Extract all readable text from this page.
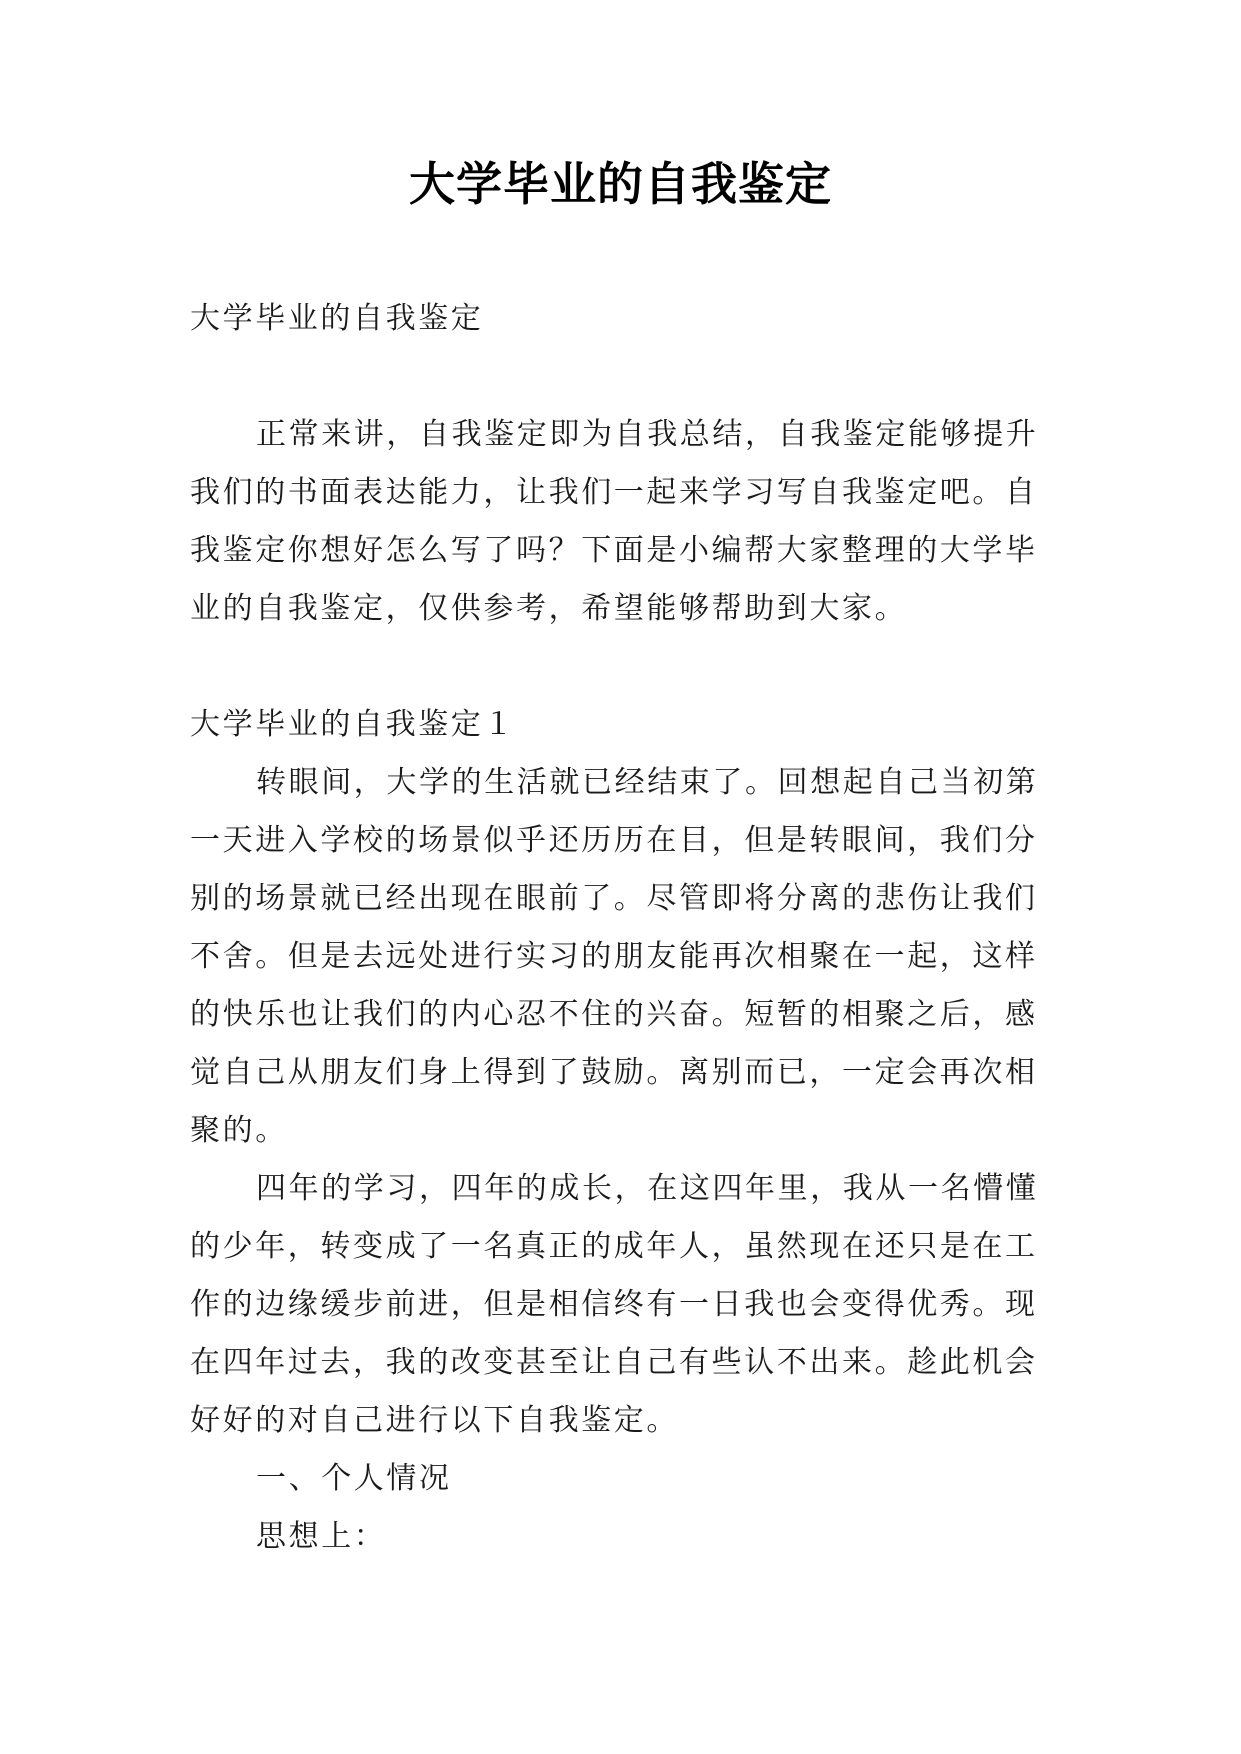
大学毕业的自我鉴定

大学毕业的自我鉴定

正常来讲，自我鉴定即为自我总结，自我鉴定能够提升我们的书面表达能力，让我们一起来学习写自我鉴定吧。自我鉴定你想好怎么写了吗？下面是小编帮大家整理的大学毕业的自我鉴定，仅供参考，希望能够帮助到大家。

大学毕业的自我鉴定１

转眼间，大学的生活就已经结束了。回想起自己当初第一天进入学校的场景似乎还历历在目，但是转眼间，我们分别的场景就已经出现在眼前了。尽管即将分离的悲伤让我们不舍。但是去远处进行实习的朋友能再次相聚在一起，这样的快乐也让我们的内心忍不住的兴奋。短暂的相聚之后，感觉自己从朋友们身上得到了鼓励。离别而已，一定会再次相聚的。

四年的学习，四年的成长，在这四年里，我从一名懵懂的少年，转变成了一名真正的成年人，虽然现在还只是在工作的边缘缓步前进，但是相信终有一日我也会变得优秀。现在四年过去，我的改变甚至让自己有些认不出来。趁此机会好好的对自己进行以下自我鉴定。

一、个人情况

思想上：
